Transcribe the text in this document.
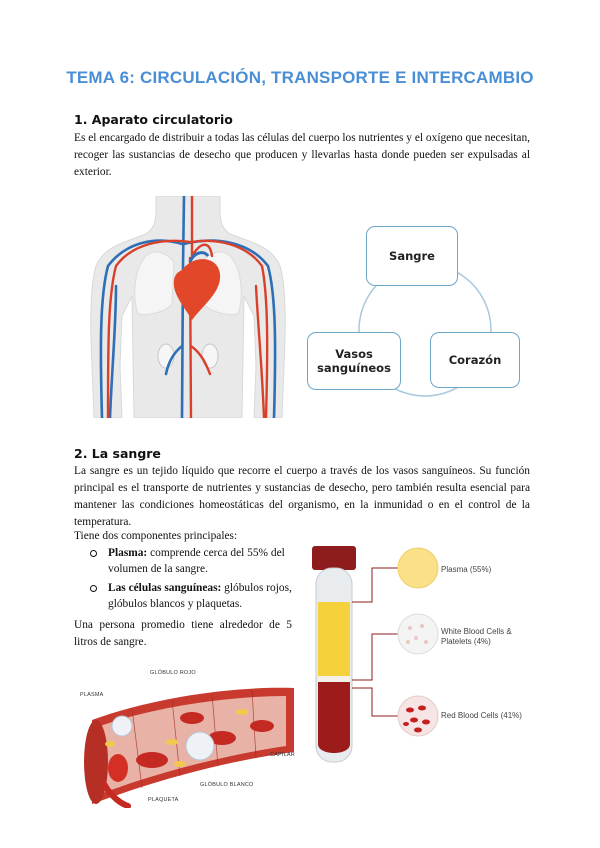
TEMA 6: CIRCULACIÓN, TRANSPORTE E INTERCAMBIO
1. Aparato circulatorio

Es el encargado de distribuir a todas las células del cuerpo los nutrientes y el oxígeno que necesitan, recoger las sustancias de desecho que producen y llevarlas hasta donde pueden ser expulsadas al exterior.

Sangre
Corazón
Vasos sanguíneos
2. La sangre

La sangre es un tejido líquido que recorre el cuerpo a través de los vasos sanguíneos. Su función principal es el transporte de nutrientes y sustancias de desecho, pero también resulta esencial para mantener las condiciones homeostáticas del organismo, en la inmunidad o en el control de la temperatura.

Tiene dos componentes principales:

Plasma: comprende cerca del 55% del volumen de la sangre.
Las células sanguíneas: glóbulos rojos, glóbulos blancos y plaquetas.

Una persona promedio tiene alrededor de 5 litros de sangre.

PLASMA
GLÓBULO ROJO
CAPILAR
GLÓBULO BLANCO
PLAQUETA
Plasma (55%)
White Blood Cells & Platelets (4%)
Red Blood Cells (41%)
